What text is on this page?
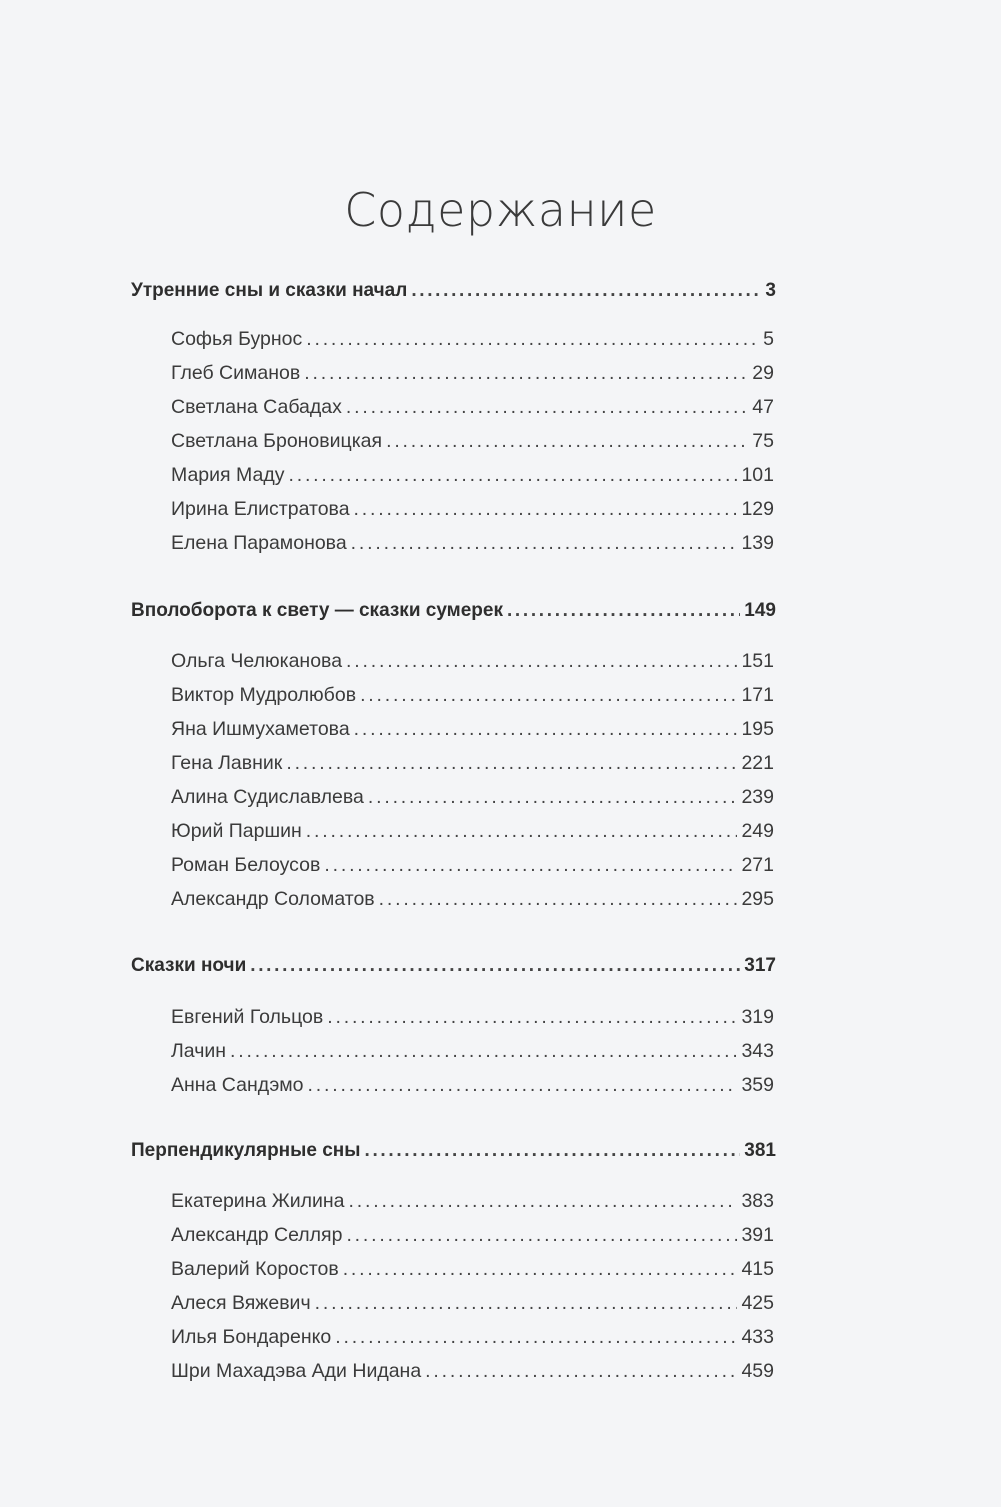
Содержание
Утренние сны и сказки начал . . .	3
Софья Бурнос . . .	5
Глеб Симанов . . .	29
Светлана Сабадах . . .	47
Светлана Броновицкая . . .	75
Мария Маду . . .	101
Ирина Елистратова . . .	129
Елена Парамонова . . .	139
Вполоборота к свету — сказки сумерек . . .	149
Ольга Челюканова . . .	151
Виктор Мудролюбов . . .	171
Яна Ишмухаметова . . .	195
Гена Лавник . . .	221
Алина Судиславлева . . .	239
Юрий Паршин . . .	249
Роман Белоусов . . .	271
Александр Соломатов . . .	295
Сказки ночи . . .	317
Евгений Гольцов . . .	319
Лачин . . .	343
Анна Сандэмо . . .	359
Перпендикулярные сны . . .	381
Екатерина Жилина . . .	383
Александр Селляр . . .	391
Валерий Коростов . . .	415
Алеся Вяжевич . . .	425
Илья Бондаренко . . .	433
Шри Махадэва Ади Нидана . . .	459
